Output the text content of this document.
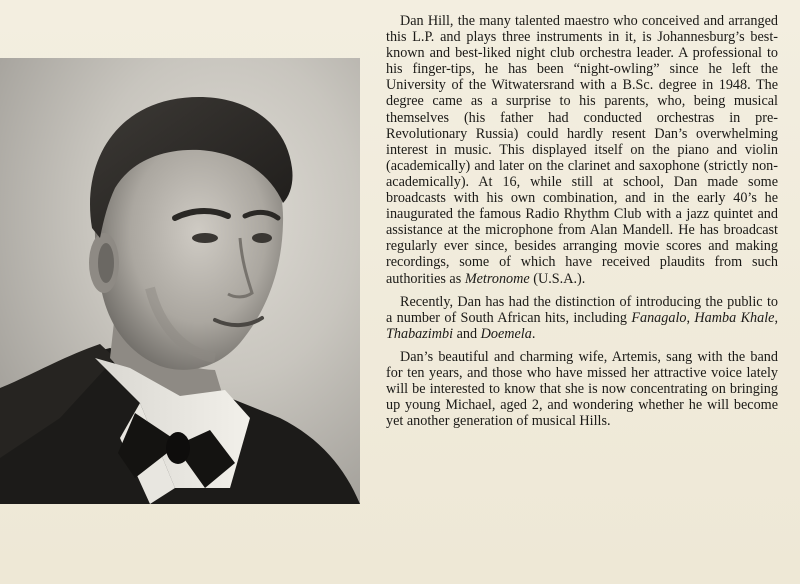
Dan Hill, the many talented maestro who conceived and arranged this L.P. and plays three instruments in it, is Johannesburg’s best-known and best-liked night club orchestra leader. A professional to his finger-tips, he has been “night-owling” since he left the University of the Witwatersrand with a B.Sc. degree in 1948. The degree came as a surprise to his parents, who, being musical themselves (his father had conducted orchestras in pre-Revolutionary Russia) could hardly resent Dan’s overwhelming interest in music. This displayed itself on the piano and violin (academically) and later on the clarinet and saxophone (strictly non-academically). At 16, while still at school, Dan made some broadcasts with his own combination, and in the early 40’s he inaugurated the famous Radio Rhythm Club with a jazz quintet and assistance at the microphone from Alan Mandell. He has broadcast regularly ever since, besides arranging movie scores and making recordings, some of which have received plaudits from such authorities as Metronome (U.S.A.).

Recently, Dan has had the distinction of introducing the public to a number of South African hits, including Fanagalo, Hamba Khale, Thabazimbi and Doemela.

Dan’s beautiful and charming wife, Artemis, sang with the band for ten years, and those who have missed her attractive voice lately will be interested to know that she is now concentrating on bringing up young Michael, aged 2, and wondering whether he will become yet another generation of musical Hills.
